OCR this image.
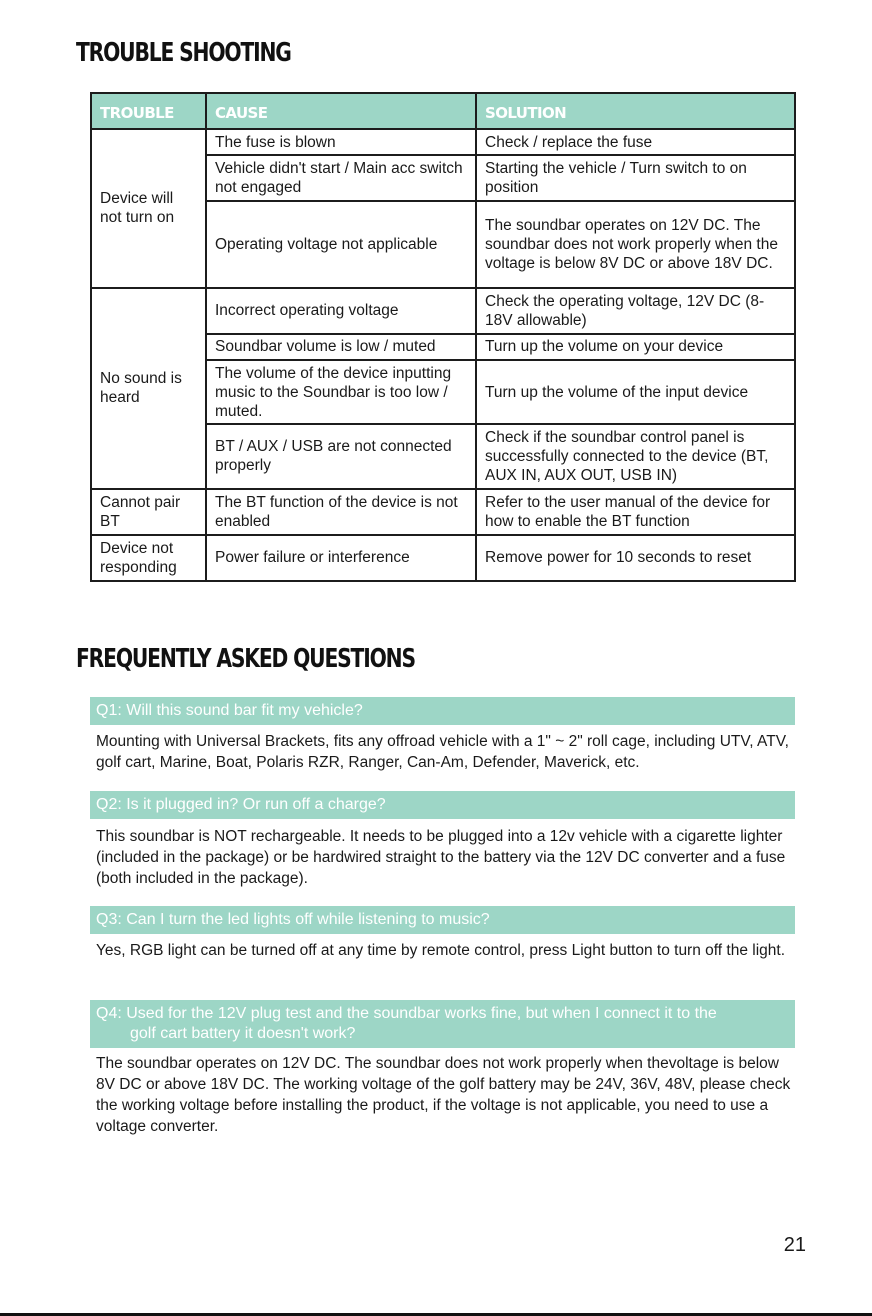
TROUBLE SHOOTING
TROUBLE	CAUSE	SOLUTION
Device will not turn on	The fuse is blown	Check / replace the fuse
	Vehicle didn't start / Main acc switch not engaged	Starting the vehicle / Turn switch to on position
	Operating voltage not applicable	The soundbar operates on 12V DC. The soundbar does not work properly when the voltage is below 8V DC or above 18V DC.
No sound is heard	Incorrect operating voltage	Check the operating voltage, 12V DC (8-18V allowable)
	Soundbar volume is low / muted	Turn up the volume on your device
	The volume of the device inputting music to the Soundbar is too low / muted.	Turn up the volume of the input device
	BT / AUX / USB are not connected properly	Check if the soundbar control panel is successfully connected to the device (BT, AUX IN, AUX OUT, USB IN)
Cannot pair BT	The BT function of the device is not enabled	Refer to the user manual of the device for how to enable the BT function
Device not responding	Power failure or interference	Remove power for 10 seconds to reset
FREQUENTLY ASKED QUESTIONS
Q1: Will this sound bar fit my vehicle?

Mounting with Universal Brackets, fits any offroad vehicle with a 1" ~ 2" roll cage, including UTV, ATV, golf cart, Marine, Boat, Polaris RZR, Ranger, Can-Am, Defender, Maverick, etc.

Q2: Is it plugged in? Or run off a charge?

This soundbar is NOT rechargeable. It needs to be plugged into a 12v vehicle with a cigarette lighter (included in the package) or be hardwired straight to the battery via the 12V DC converter and a fuse (both included in the package).

Q3: Can I turn the led lights off while listening to music?

Yes, RGB light can be turned off at any time by remote control, press Light button to turn off the light.

Q4: Used for the 12V plug test and the soundbar works fine, but when I connect it to the
golf cart battery it doesn't work?

The soundbar operates on 12V DC. The soundbar does not work properly when thevoltage is below 8V DC or above 18V DC. The working voltage of the golf battery may be 24V, 36V, 48V, please check the working voltage before installing the product, if the voltage is not applicable, you need to use a voltage converter.

21
